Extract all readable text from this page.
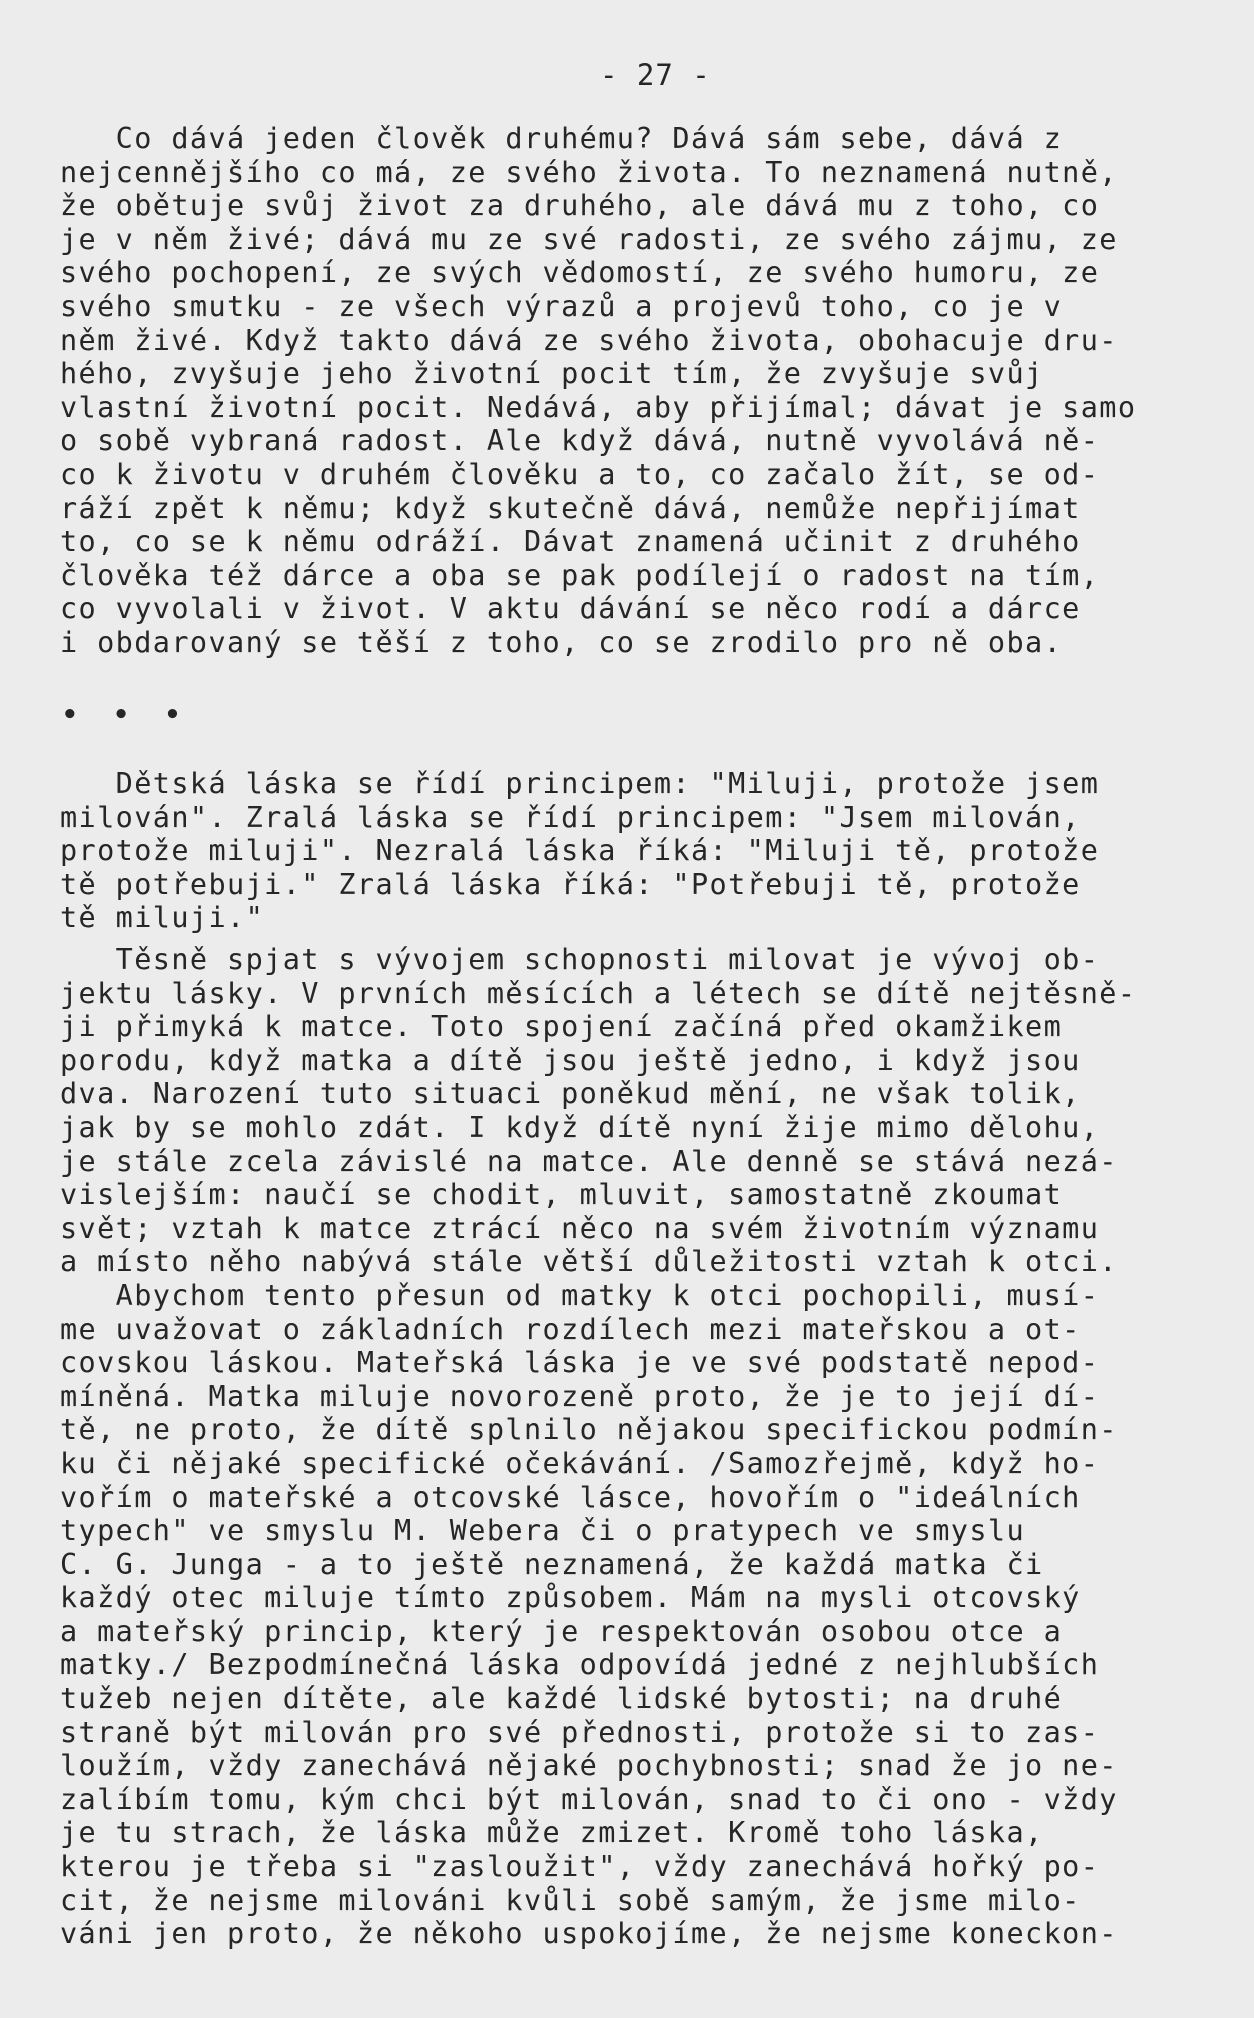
- 27 -
Co dává jeden člověk druhému? Dává sám sebe, dává z
nejcennějšího co má, ze svého života. To neznamená nutně,
že obětuje svůj život za druhého, ale dává mu z toho, co
je v něm živé; dává mu ze své radosti, ze svého zájmu, ze
svého pochopení, ze svých vědomostí, ze svého humoru, ze
svého smutku - ze všech výrazů a projevů toho, co je v
něm živé. Když takto dává ze svého života, obohacuje dru-
hého, zvyšuje jeho životní pocit tím, že zvyšuje svůj
vlastní životní pocit. Nedává, aby přijímal; dávat je samo
o sobě vybraná radost. Ale když dává, nutně vyvolává ně-
co k životu v druhém člověku a to, co začalo žít, se od-
ráží zpět k němu; když skutečně dává, nemůže nepřijímat
to, co se k němu odráží. Dávat znamená učinit z druhého
člověka též dárce a oba se pak podílejí o radost na tím,
co vyvolali v život. V aktu dávání se něco rodí a dárce
i obdarovaný se těší z toho, co se zrodilo pro ně oba.
• • •
Dětská láska se řídí principem: "Miluji, protože jsem
milován". Zralá láska se řídí principem: "Jsem milován,
protože miluji". Nezralá láska říká: "Miluji tě, protože
tě potřebuji." Zralá láska říká: "Potřebuji tě, protože
tě miluji."
Těsně spjat s vývojem schopnosti milovat je vývoj ob-
jektu lásky. V prvních měsících a létech se dítě nejtěsně-
ji přimyká k matce. Toto spojení začíná před okamžikem
porodu, když matka a dítě jsou ještě jedno, i když jsou
dva. Narození tuto situaci poněkud mění, ne však tolik,
jak by se mohlo zdát. I když dítě nyní žije mimo dělohu,
je stále zcela závislé na matce. Ale denně se stává nezá-
vislejším: naučí se chodit, mluvit, samostatně zkoumat
svět; vztah k matce ztrácí něco na svém životním významu
a místo něho nabývá stále větší důležitosti vztah k otci.
Abychom tento přesun od matky k otci pochopili, musí-
me uvažovat o základních rozdílech mezi mateřskou a ot-
covskou láskou. Mateřská láska je ve své podstatě nepod-
míněná. Matka miluje novorozeně proto, že je to její dí-
tě, ne proto, že dítě splnilo nějakou specifickou podmín-
ku či nějaké specifické očekávání. /Samozřejmě, když ho-
vořím o mateřské a otcovské lásce, hovořím o "ideálních
typech" ve smyslu M. Webera či o pratypech ve smyslu
C. G. Junga - a to ještě neznamená, že každá matka či
každý otec miluje tímto způsobem. Mám na mysli otcovský
a mateřský princip, který je respektován osobou otce a
matky./ Bezpodmínečná láska odpovídá jedné z nejhlubších
tužeb nejen dítěte, ale každé lidské bytosti; na druhé
straně být milován pro své přednosti, protože si to zas-
loužím, vždy zanechává nějaké pochybnosti; snad že jo ne-
zalíbím tomu, kým chci být milován, snad to či ono - vždy
je tu strach, že láska může zmizet. Kromě toho láska,
kterou je třeba si "zasloužit", vždy zanechává hořký po-
cit, že nejsme milováni kvůli sobě samým, že jsme milo-
váni jen proto, že někoho uspokojíme, že nejsme koneckon-
